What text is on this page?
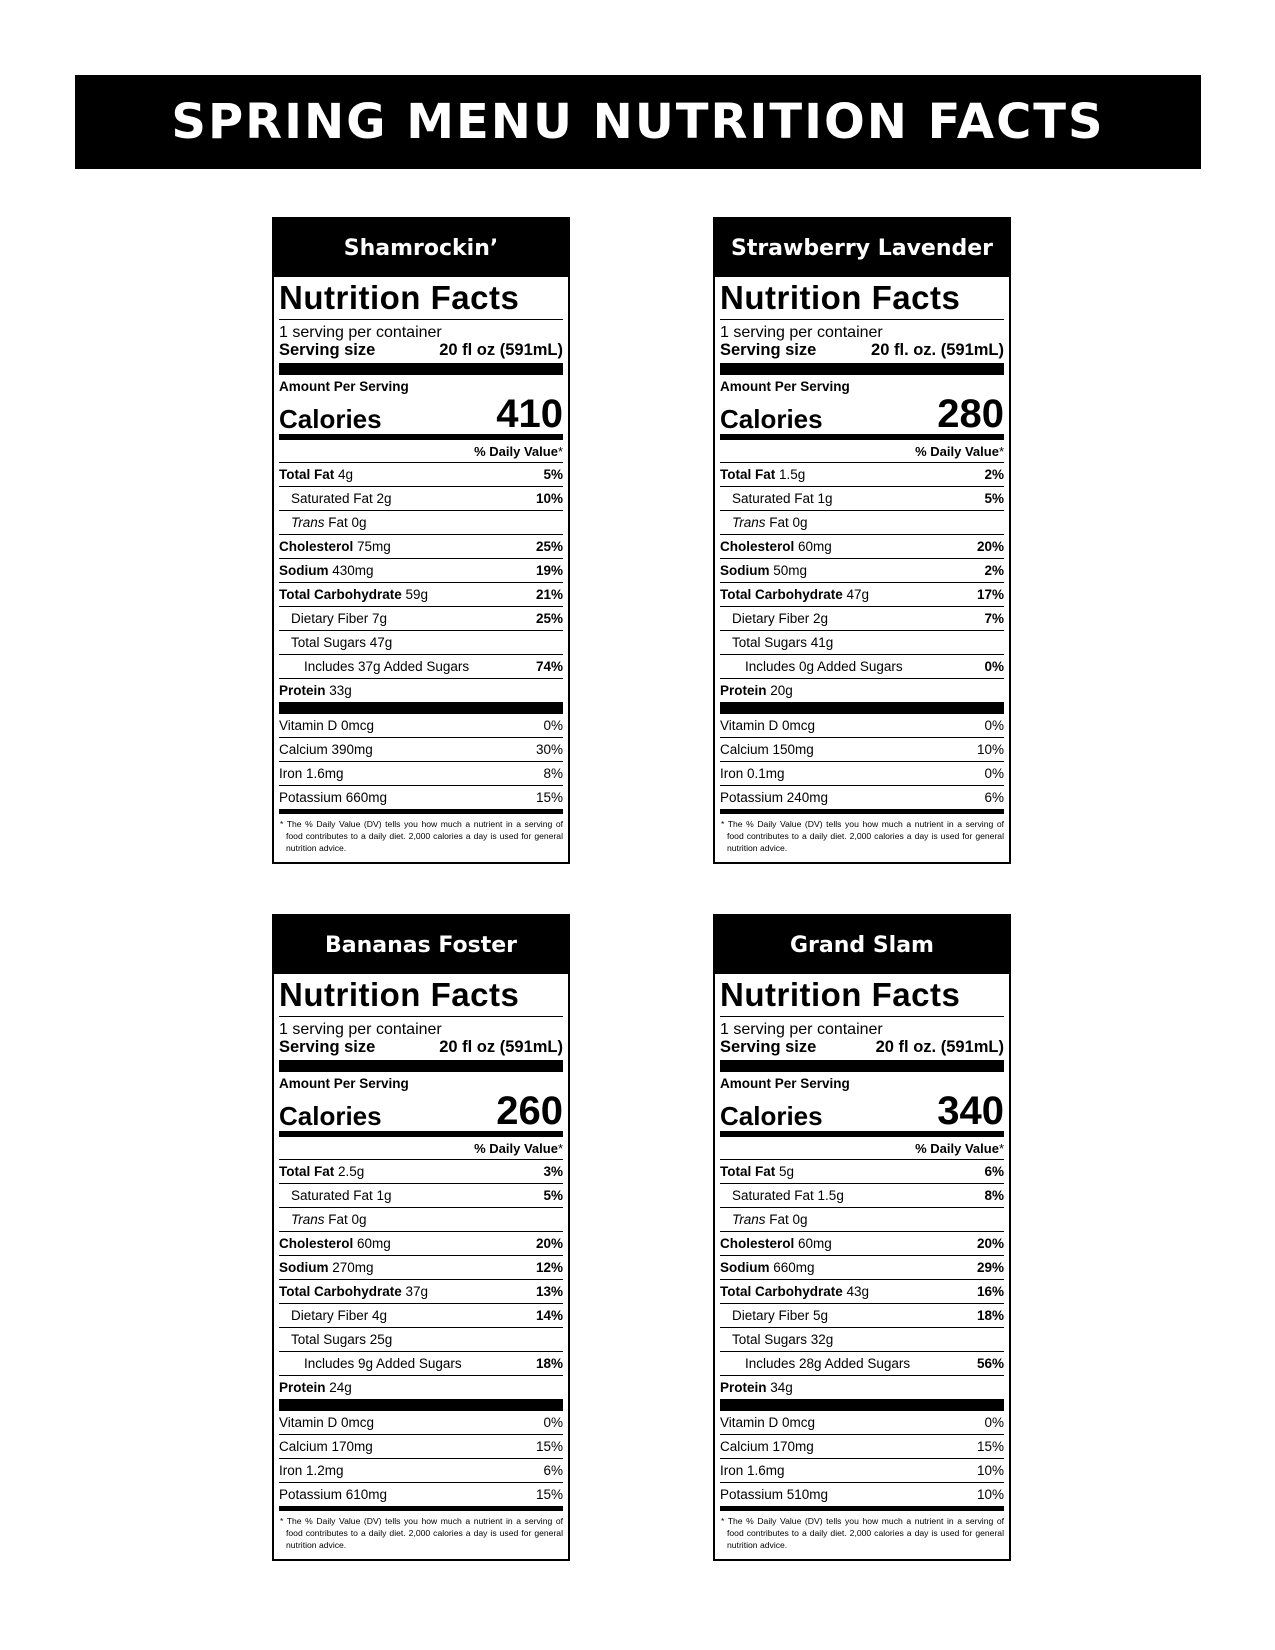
SPRING MENU NUTRITION FACTS
Shamrockin’
Nutrition Facts
1 serving per container
Serving size	20 fl oz (591mL)
Amount Per Serving
Calories	410
% Daily Value*
Total Fat 4g	5%
Saturated Fat 2g	10%
Trans Fat 0g
Cholesterol 75mg	25%
Sodium 430mg	19%
Total Carbohydrate 59g	21%
Dietary Fiber 7g	25%
Total Sugars 47g
Includes 37g Added Sugars	74%
Protein 33g
Vitamin D 0mcg	0%
Calcium 390mg	30%
Iron 1.6mg	8%
Potassium 660mg	15%
* The % Daily Value (DV) tells you how much a nutrient in a serving of food contributes to a daily diet. 2,000 calories a day is used for general nutrition advice.
Strawberry Lavender
Nutrition Facts
1 serving per container
Serving size	20 fl. oz. (591mL)
Amount Per Serving
Calories	280
% Daily Value*
Total Fat 1.5g	2%
Saturated Fat 1g	5%
Trans Fat 0g
Cholesterol 60mg	20%
Sodium 50mg	2%
Total Carbohydrate 47g	17%
Dietary Fiber 2g	7%
Total Sugars 41g
Includes 0g Added Sugars	0%
Protein 20g
Vitamin D 0mcg	0%
Calcium 150mg	10%
Iron 0.1mg	0%
Potassium 240mg	6%
* The % Daily Value (DV) tells you how much a nutrient in a serving of food contributes to a daily diet. 2,000 calories a day is used for general nutrition advice.
Bananas Foster
Nutrition Facts
1 serving per container
Serving size	20 fl oz (591mL)
Amount Per Serving
Calories	260
% Daily Value*
Total Fat 2.5g	3%
Saturated Fat 1g	5%
Trans Fat 0g
Cholesterol 60mg	20%
Sodium 270mg	12%
Total Carbohydrate 37g	13%
Dietary Fiber 4g	14%
Total Sugars 25g
Includes 9g Added Sugars	18%
Protein 24g
Vitamin D 0mcg	0%
Calcium 170mg	15%
Iron 1.2mg	6%
Potassium 610mg	15%
* The % Daily Value (DV) tells you how much a nutrient in a serving of food contributes to a daily diet. 2,000 calories a day is used for general nutrition advice.
Grand Slam
Nutrition Facts
1 serving per container
Serving size	20 fl oz. (591mL)
Amount Per Serving
Calories	340
% Daily Value*
Total Fat 5g	6%
Saturated Fat 1.5g	8%
Trans Fat 0g
Cholesterol 60mg	20%
Sodium 660mg	29%
Total Carbohydrate 43g	16%
Dietary Fiber 5g	18%
Total Sugars 32g
Includes 28g Added Sugars	56%
Protein 34g
Vitamin D 0mcg	0%
Calcium 170mg	15%
Iron 1.6mg	10%
Potassium 510mg	10%
* The % Daily Value (DV) tells you how much a nutrient in a serving of food contributes to a daily diet. 2,000 calories a day is used for general nutrition advice.
